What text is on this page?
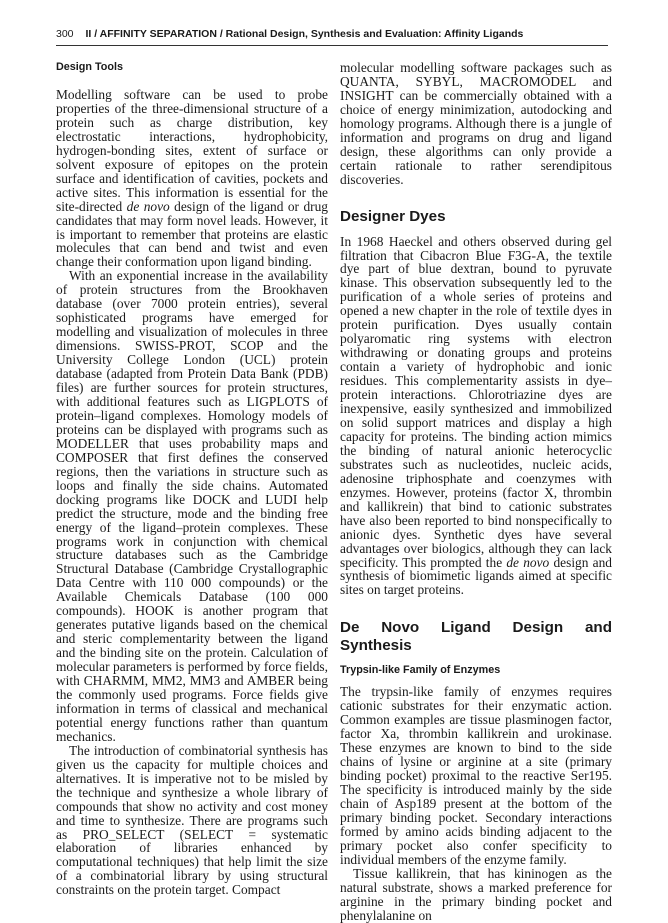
300 II / AFFINITY SEPARATION / Rational Design, Synthesis and Evaluation: Affinity Ligands
Design Tools

Modelling software can be used to probe properties of the three-dimensional structure of a protein such as charge distribution, key electrostatic interactions, hydrophobicity, hydrogen-bonding sites, extent of surface or solvent exposure of epitopes on the protein surface and identification of cavities, pockets and active sites. This information is essential for the site-directed de novo design of the ligand or drug candidates that may form novel leads. However, it is important to remember that proteins are elastic molecules that can bend and twist and even change their conformation upon ligand binding.

With an exponential increase in the availability of protein structures from the Brookhaven database (over 7000 protein entries), several sophisticated programs have emerged for modelling and visualization of molecules in three dimensions. SWISS-PROT, SCOP and the University College London (UCL) protein database (adapted from Protein Data Bank (PDB) files) are further sources for protein structures, with additional features such as LIGPLOTS of protein–ligand complexes. Homology models of proteins can be displayed with programs such as MODELLER that uses probability maps and COMPOSER that first defines the conserved regions, then the variations in structure such as loops and finally the side chains. Automated docking programs like DOCK and LUDI help predict the structure, mode and the binding free energy of the ligand–protein complexes. These programs work in conjunction with chemical structure databases such as the Cambridge Structural Database (Cambridge Crystallographic Data Centre with 110 000 compounds) or the Available Chemicals Database (100 000 compounds). HOOK is another program that generates putative ligands based on the chemical and steric complementarity between the ligand and the binding site on the protein. Calculation of molecular parameters is performed by force fields, with CHARMM, MM2, MM3 and AMBER being the commonly used programs. Force fields give information in terms of classical and mechanical potential energy functions rather than quantum mechanics.

The introduction of combinatorial synthesis has given us the capacity for multiple choices and alternatives. It is imperative not to be misled by the technique and synthesize a whole library of compounds that show no activity and cost money and time to synthesize. There are programs such as PRO_SELECT (SELECT = systematic elaboration of libraries enhanced by computational techniques) that help limit the size of a combinatorial library by using structural constraints on the protein target. Compact

molecular modelling software packages such as QUANTA, SYBYL, MACROMODEL and INSIGHT can be commercially obtained with a choice of energy minimization, autodocking and homology programs. Although there is a jungle of information and programs on drug and ligand design, these algorithms can only provide a certain rationale to rather serendipitous discoveries.

Designer Dyes

In 1968 Haeckel and others observed during gel filtration that Cibacron Blue F3G-A, the textile dye part of blue dextran, bound to pyruvate kinase. This observation subsequently led to the purification of a whole series of proteins and opened a new chapter in the role of textile dyes in protein purification. Dyes usually contain polyaromatic ring systems with electron withdrawing or donating groups and proteins contain a variety of hydrophobic and ionic residues. This complementarity assists in dye–protein interactions. Chlorotriazine dyes are inexpensive, easily synthesized and immobilized on solid support matrices and display a high capacity for proteins. The binding action mimics the binding of natural anionic heterocyclic substrates such as nucleotides, nucleic acids, adenosine triphosphate and coenzymes with enzymes. However, proteins (factor X, thrombin and kallikrein) that bind to cationic substrates have also been reported to bind nonspecifically to anionic dyes. Synthetic dyes have several advantages over biologics, although they can lack specificity. This prompted the de novo design and synthesis of biomimetic ligands aimed at specific sites on target proteins.

De Novo Ligand Design and Synthesis
Trypsin-like Family of Enzymes

The trypsin-like family of enzymes requires cationic substrates for their enzymatic action. Common examples are tissue plasminogen factor, factor Xa, thrombin kallikrein and urokinase. These enzymes are known to bind to the side chains of lysine or arginine at a site (primary binding pocket) proximal to the reactive Ser195. The specificity is introduced mainly by the side chain of Asp189 present at the bottom of the primary binding pocket. Secondary interactions formed by amino acids binding adjacent to the primary pocket also confer specificity to individual members of the enzyme family.

Tissue kallikrein, that has kininogen as the natural substrate, shows a marked preference for arginine in the primary binding pocket and phenylalanine on
